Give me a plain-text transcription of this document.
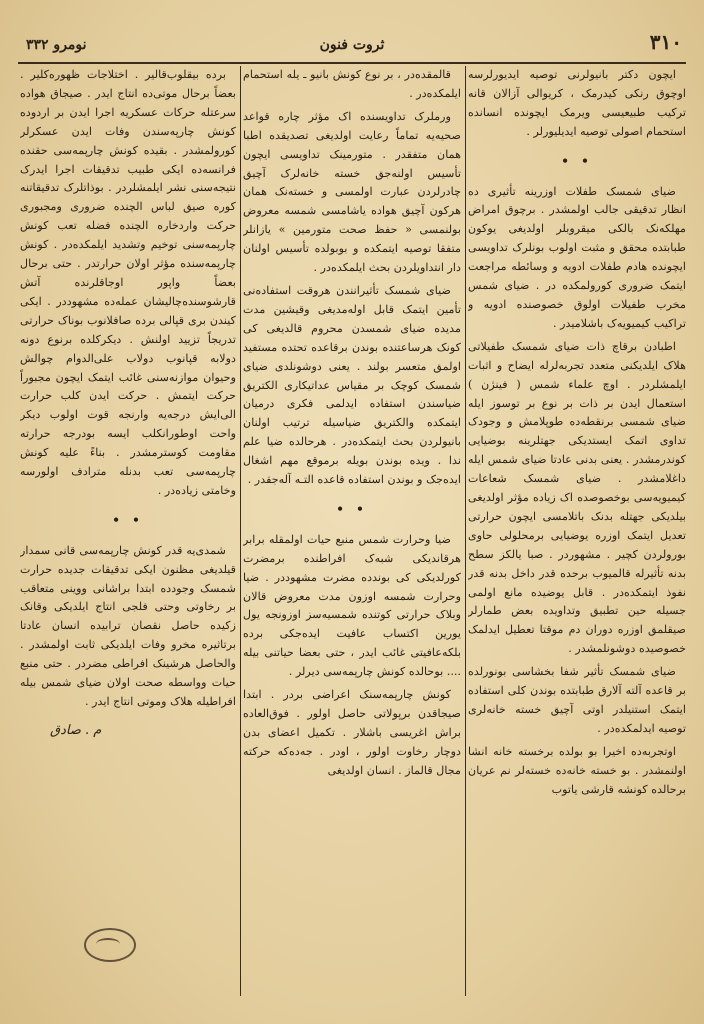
٣١٠
ثروت فنون
نومرو ٣٣٢

ایچون دکتر بانیولرنی توصیه ایدیورلرسه اوچوق رنکی کیدرمک ، کریوالی آزالان قانه ترکیب طبیعیسی ویرمک ایچونده انسانده استحمام اصولی توصیه ایدیلیورلر .

• •

ضیای شمسک طفلات اوزرینه تأثیری ده انظار تدقیقی جالب اولمشدر . برچوق امراض مهلکه‌نک بالکی میقروبلر اولدیغی یوکون طبابتده محقق و مثبت اولوب بونلرک تداویسی ایچونده هادم طفلات ادویه و وسائطه مراجعت ایتمک ضروری کورولمکده در . ضیای شمس مخرب طفیلات اولوق خصوصنده ادویه و تراکیب کیمیویه‌ک باشلامیدر .

اطبادن برقاچ ذات ضیای شمسک طفیلاتی هلاک ایلدیکنی متعدد تجربه‌لرله ایضاح و اثبات ایلمشلردر . اوچ علماء شمس ( فینژن ) استعمال ایدن بر ذات بر نوع بر توسوز ایله ضیای شمسی برنقطه‌ده طوپلامش و وجودک تداوی اتمک ایستدیکی جهتلرینه بوضیایی کوندرمشدر . یعنی بدنی عادتا ضیای شمس ایله داغلامشدر . ضیای شمسک شعاعات کیمیویه‌سی بوخصوصده اک زیاده مؤثر اولدیغی بیلدیکی جهتله بدنک باتلامسی ایچون حرارتی تعدیل ایتمک اوزره یوضیایی برمحلولی حاوی بورولردن کچیر . مشهوردر . صبا یالکز سطح بدنه تأثیرله قالمیوب برحده قدر داخل بدنه قدر نفوذ ایتمکده‌در . قابل یوضیده مانع اولمی جسیله حین تطبیق وتداویده بعض طمارلر صیقلمق اوزره دوران دم موقتا تعطیل ایدلمک خصوصیده دوشونلمشدر .

ضیای شمسک تأثیر شفا بخشاسی بونورلده بر قاعده آلته آلارق طبابتده بوندن کلی استفاده ایتمک استنیلدر اوتی آچیق خسته خانه‌لری توصیه ایدلمکده‌در .

اوتجربه‌ده اخیرا بو بولده برخسته خانه انشا اولنمشدر . بو خسته خانه‌ده خسته‌لر نم عریان برحالده کونشه قارشی یاتوب

قالمقده‌در ، بر نوع کونش بانیو ـ یله استحمام ایلمکده‌در .

ورملرک تداویسنده اک مؤثر چاره قواعد صحیه‌یه تماماً رعایت اولدیغی تصدیقده اطبا همان متفقدر . متورمینک تداویسی ایچون تأسیس اولنه‌جق خسته خانه‌لرک آچیق چادرلردن عبارت اولمسی و خسته‌نک همان هرکون آچیق هواده یاشامسی شمسه معروض بولنمسی « حفظ صحت متورمین » یازانلر متفقا توصیه ایتمکده و بوبولده تأسیس اولنان دار انتداویلردن بحث ایلمکده‌در .

ضیای شمسک تأثیرانندن هروقت استفاده‌نی تأمین ایتمک قابل اوله‌مدیغی وقیشین مدت مدیده ضیای شمسدن محروم قالدیغی کی کونک هرساعتنده بوندن برقاعده تحتده مستفید اولمق متعسر بولند . یعنی دوشونلدی ضیای شمسک کوچک بر مقیاس عداتیکاری الکتریق ضیاسندن استفاده ایدلمی فکری درمیان ایتمکده والکتریق ضیاسیله ترتیب اولنان بانیولردن بحث ایتمکده‌در . هرحالده ضیا علم ندا . ویده بوندن بویله برموقع مهم اشغال ایده‌جک و بوندن استفاده قاعده التـه آله‌جقدر .

• •

ضیا وحرارت شمس منبع حیات اولمقله برابر هرقاندیکی شبه‌ک افراطنده برمضرت کورلدیکی کی بوندده مضرت مشهوددر . ضیا وحرارت شمسه اوزون مدت معروض قالان وبلاک حرارتی کوتنده شمسیه‌سز اوزونجه یول یورین اکتساب عافیت ایده‌جکی برده بلکه‌عافیتی غائب ایدر ، حتی بعضا حیاتنی بیله .... بوحالده کونش چارپمه‌سی دیرلر .

کونش چارپمه‌سنک اعراضی بردر . ابتدا صیجاقدن برپولاتی حاصل اولور . فوق‌العاده براش اغریسی باشلار . تکمیل اعضای بدن دوچار رخاوت اولور ، اودر . جه‌ده‌که حرکته مجال قالماز . انسان اولدیغی

برده بیقلوب‌قالیر . اختلاجات ظهوره‌کلیر . بعضاً برحال موتی‌ده انتاج ایدر . صیجاق هواده سرعتله حرکات عسکریه اجرا ایدن بر اردوده کونش چارپه‌سندن وفات ایدن عسکرلر کورولمشدر . بقیده کونش چارپمه‌سی حقنده فرانسه‌ده ایکی طبیب تدقیقات اجرا ایدرک نتیجه‌سنی نشر ایلمشلردر . بوذاتلرک تدقیقاتنه کوره صیق لباس الچنده ضروری ومجبوری حرکت واردخاره الچنده فضله تعب کونش چارپمه‌سنی توخیم وتشدید ایلمکده‌در . کونش چارپمه‌سنده مؤثر اولان حرارتدر . حتی برحال بعضاً واپور اوجاقلرنده آتش قارشوسنده‌چالیشان عمله‌ده مشهوددر . ایکی کیندن بری قپالی برده صافلانوب بوناک حرارتی تدریجاً تزیید اولنش . دیکرکلده برنوع دونه دولابه قپانوب دولاب علی‌الدوام چوالش وحیوان موازنه‌سنی غائب ایتمک ایچون مجبوراً حرکت ایتمش . حرکت ایدن کلب حرارت الی‌ایش درجه‌یه وارنجه قوت اولوب دیکر واحت اوطورانکلب ایسه بودرجه حرارته مقاومت کوسترمشدر . بناءً علیه کونش چارپمه‌سی تعب بدنله مترادف اولورسه وخامتی زیاده‌در .

• •

شمدی‌یه قدر کونش چارپمه‌سی قانی سمدار قیلدیغی مظنون ایکی تدقیقات جدیده حرارت شمسک وجودده ابتدا براشانی ووینی متعاقب بر رخاوتی وحتی فلجی انتاج ایلدیکی وقانک زکیده حاصل نقصان ترابیده انسان عادتا برتاثیره مخرو وفات ایلدیکی ثابت اولمشدر . والحاصل هرشینک افراطی مضردر . حتی منبع حیات وواسطه صحت اولان ضیای شمس بیله افراطیله هلاک وموتی انتاج ایدر .

م . صادق
